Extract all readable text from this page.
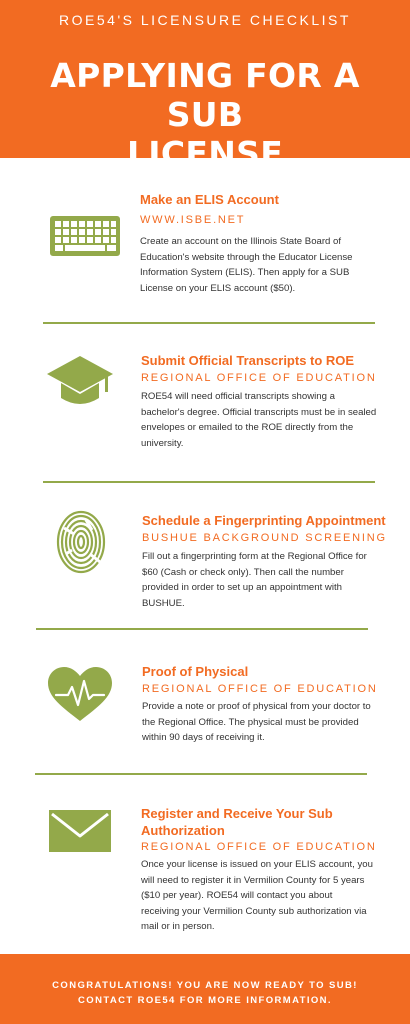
ROE54'S LICENSURE CHECKLIST
APPLYING FOR A SUB
LICENSE
Make an ELIS Account
WWW.ISBE.NET
Create an account on the Illinois State Board of Education's website through the Educator License Information System (ELIS). Then apply for a SUB License on your ELIS account ($50).
Submit Official Transcripts to ROE
REGIONAL OFFICE OF EDUCATION
ROE54 will need official transcripts showing a bachelor's degree. Official transcripts must be in sealed envelopes or emailed to the ROE directly from the university.
Schedule a Fingerprinting Appointment
BUSHUE BACKGROUND SCREENING
Fill out a fingerprinting form at the Regional Office for $60 (Cash or check only). Then call the number provided in order to set up an appointment with BUSHUE.
Proof of Physical
REGIONAL OFFICE OF EDUCATION
Provide a note or proof of physical from your doctor to the Regional Office. The physical must be provided within 90 days of receiving it.
Register and Receive Your Sub Authorization
REGIONAL OFFICE OF EDUCATION
Once your license is issued on your ELIS account, you will need to register it in Vermilion County for 5 years ($10 per year). ROE54 will contact you about receiving your Vermilion County sub authorization via mail or in person.
CONGRATULATIONS! YOU ARE NOW READY TO SUB!
CONTACT ROE54 FOR MORE INFORMATION.
